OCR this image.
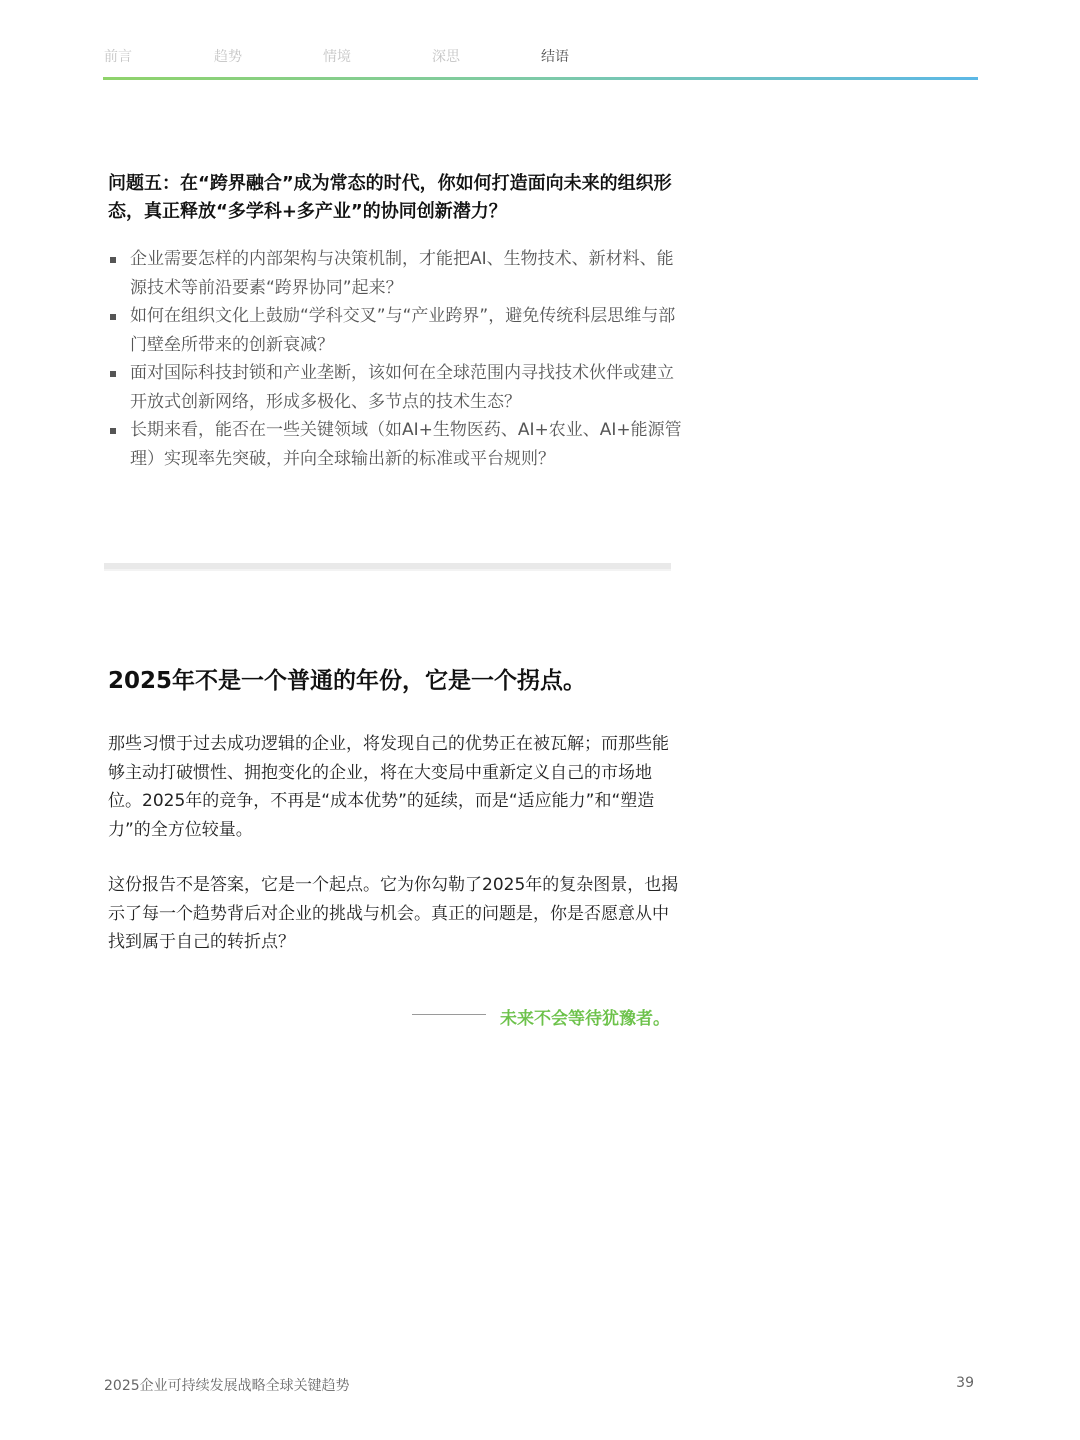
前言	趋势	情境	深思	结语
问题五：在“跨界融合”成为常态的时代，你如何打造面向未来的组织形态，真正释放“多学科+多产业”的协同创新潜力？
企业需要怎样的内部架构与决策机制，才能把AI、生物技术、新材料、能源技术等前沿要素“跨界协同”起来？
如何在组织文化上鼓励“学科交叉”与“产业跨界”，避免传统科层思维与部门壁垒所带来的创新衰减？
面对国际科技封锁和产业垄断，该如何在全球范围内寻找技术伙伴或建立开放式创新网络，形成多极化、多节点的技术生态？
长期来看，能否在一些关键领域（如AI+生物医药、AI+农业、AI+能源管理）实现率先突破，并向全球输出新的标准或平台规则？
2025年不是一个普通的年份，它是一个拐点。
那些习惯于过去成功逻辑的企业，将发现自己的优势正在被瓦解；而那些能够主动打破惯性、拥抱变化的企业，将在大变局中重新定义自己的市场地位。2025年的竞争，不再是“成本优势”的延续，而是“适应能力”和“塑造力”的全方位较量。
这份报告不是答案，它是一个起点。它为你勾勒了2025年的复杂图景，也揭示了每一个趋势背后对企业的挑战与机会。真正的问题是，你是否愿意从中找到属于自己的转折点？
未来不会等待犹豫者。
2025企业可持续发展战略全球关键趋势	39
